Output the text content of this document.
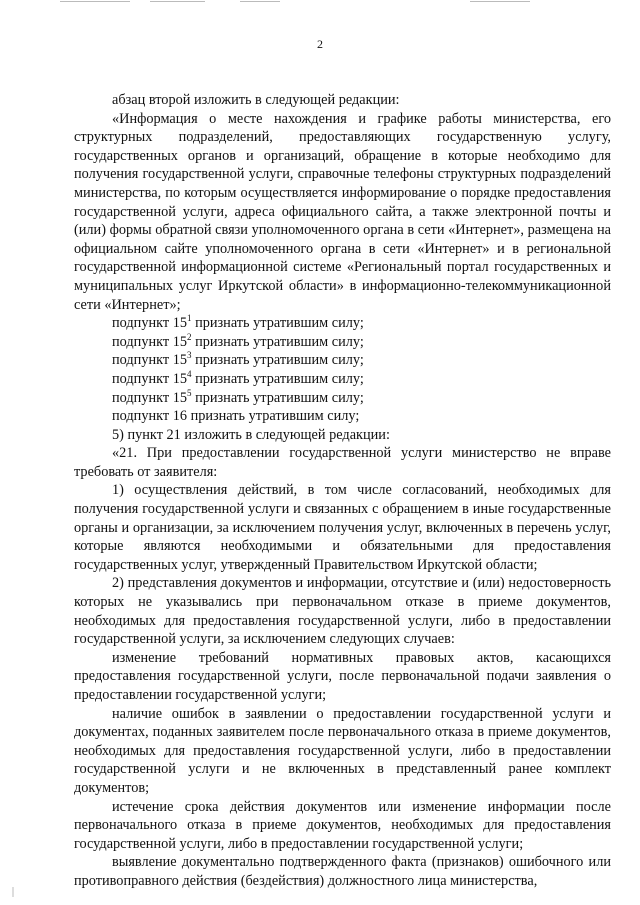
2

абзац второй изложить в следующей редакции:

«Информация о месте нахождения и графике работы министерства, его структурных подразделений, предоставляющих государственную услугу, государственных органов и организаций, обращение в которые необходимо для получения государственной услуги, справочные телефоны структурных подразделений министерства, по которым осуществляется информирование о порядке предоставления государственной услуги, адреса официального сайта, а также электронной почты и (или) формы обратной связи уполномоченного органа в сети «Интернет», размещена на официальном сайте уполномоченного органа в сети «Интернет» и в региональной государственной информационной системе «Региональный портал государственных и муниципальных услуг Иркутской области» в информационно-телекоммуникационной сети «Интернет»;

подпункт $15^1$ признать утратившим силу;

подпункт $15^2$ признать утратившим силу;

подпункт $15^3$ признать утратившим силу;

подпункт $15^4$ признать утратившим силу;

подпункт $15^5$ признать утратившим силу;

подпункт 16 признать утратившим силу;

5) пункт 21 изложить в следующей редакции:

«21. При предоставлении государственной услуги министерство не вправе требовать от заявителя:

1) осуществления действий, в том числе согласований, необходимых для получения государственной услуги и связанных с обращением в иные государственные органы и организации, за исключением получения услуг, включенных в перечень услуг, которые являются необходимыми и обязательными для предоставления государственных услуг, утвержденный Правительством Иркутской области;

2) представления документов и информации, отсутствие и (или) недостоверность которых не указывались при первоначальном отказе в приеме документов, необходимых для предоставления государственной услуги, либо в предоставлении государственной услуги, за исключением следующих случаев:

изменение требований нормативных правовых актов, касающихся предоставления государственной услуги, после первоначальной подачи заявления о предоставлении государственной услуги;

наличие ошибок в заявлении о предоставлении государственной услуги и документах, поданных заявителем после первоначального отказа в приеме документов, необходимых для предоставления государственной услуги, либо в предоставлении государственной услуги и не включенных в представленный ранее комплект документов;

истечение срока действия документов или изменение информации после первоначального отказа в приеме документов, необходимых для предоставления государственной услуги, либо в предоставлении государственной услуги;

выявление документально подтвержденного факта (признаков) ошибочного или противоправного действия (бездействия) должностного лица министерства,
